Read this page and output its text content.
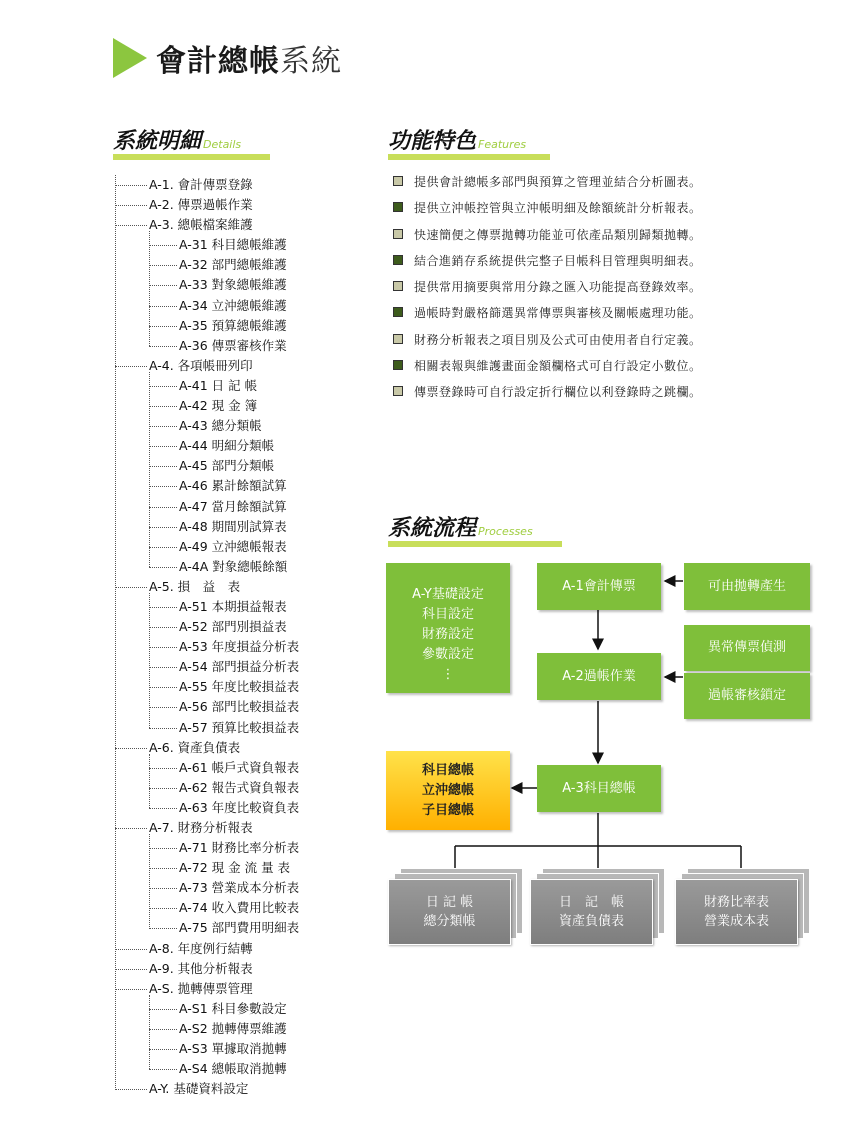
會計總帳系統
系統明細 Details
A-1. 會計傳票登錄
A-2. 傳票過帳作業
A-3. 總帳檔案維護
A-31 科目總帳維護
A-32 部門總帳維護
A-33 對象總帳維護
A-34 立沖總帳維護
A-35 預算總帳維護
A-36 傳票審核作業
A-4. 各項帳冊列印
A-41 日 記 帳
A-42 現 金 簿
A-43 總分類帳
A-44 明細分類帳
A-45 部門分類帳
A-46 累計餘額試算
A-47 當月餘額試算
A-48 期間別試算表
A-49 立沖總帳報表
A-4A 對象總帳餘額
A-5. 損　益　表
A-51 本期損益報表
A-52 部門別損益表
A-53 年度損益分析表
A-54 部門損益分析表
A-55 年度比較損益表
A-56 部門比較損益表
A-57 預算比較損益表
A-6. 資產負債表
A-61 帳戶式資負報表
A-62 報告式資負報表
A-63 年度比較資負表
A-7. 財務分析報表
A-71 財務比率分析表
A-72 現 金 流 量 表
A-73 營業成本分析表
A-74 收入費用比較表
A-75 部門費用明細表
A-8. 年度例行結轉
A-9. 其他分析報表
A-S. 拋轉傳票管理
A-S1 科目參數設定
A-S2 拋轉傳票維護
A-S3 單據取消拋轉
A-S4 總帳取消拋轉
A-Y. 基礎資料設定
功能特色 Features
提供會計總帳多部門與預算之管理並結合分析圖表。
提供立沖帳控管與立沖帳明細及餘額統計分析報表。
快速簡便之傳票拋轉功能並可依產品類別歸類拋轉。
結合進銷存系統提供完整子目帳科目管理與明細表。
提供常用摘要與常用分錄之匯入功能提高登錄效率。
過帳時對嚴格篩選異常傳票與審核及關帳處理功能。
財務分析報表之項目別及公式可由使用者自行定義。
相關表報與維護畫面金額欄格式可自行設定小數位。
傳票登錄時可自行設定折行欄位以利登錄時之跳欄。
系統流程 Processes
A-Y基礎設定
科目設定
財務設定
參數設定
⋮
A-1會計傳票	可由拋轉產生
A-2過帳作業
異常傳票偵測
過帳審核鎖定
科目總帳
立沖總帳
子目總帳
A-3科目總帳
日 記 帳
總分類帳
日　記　帳
資產負債表
財務比率表
營業成本表
